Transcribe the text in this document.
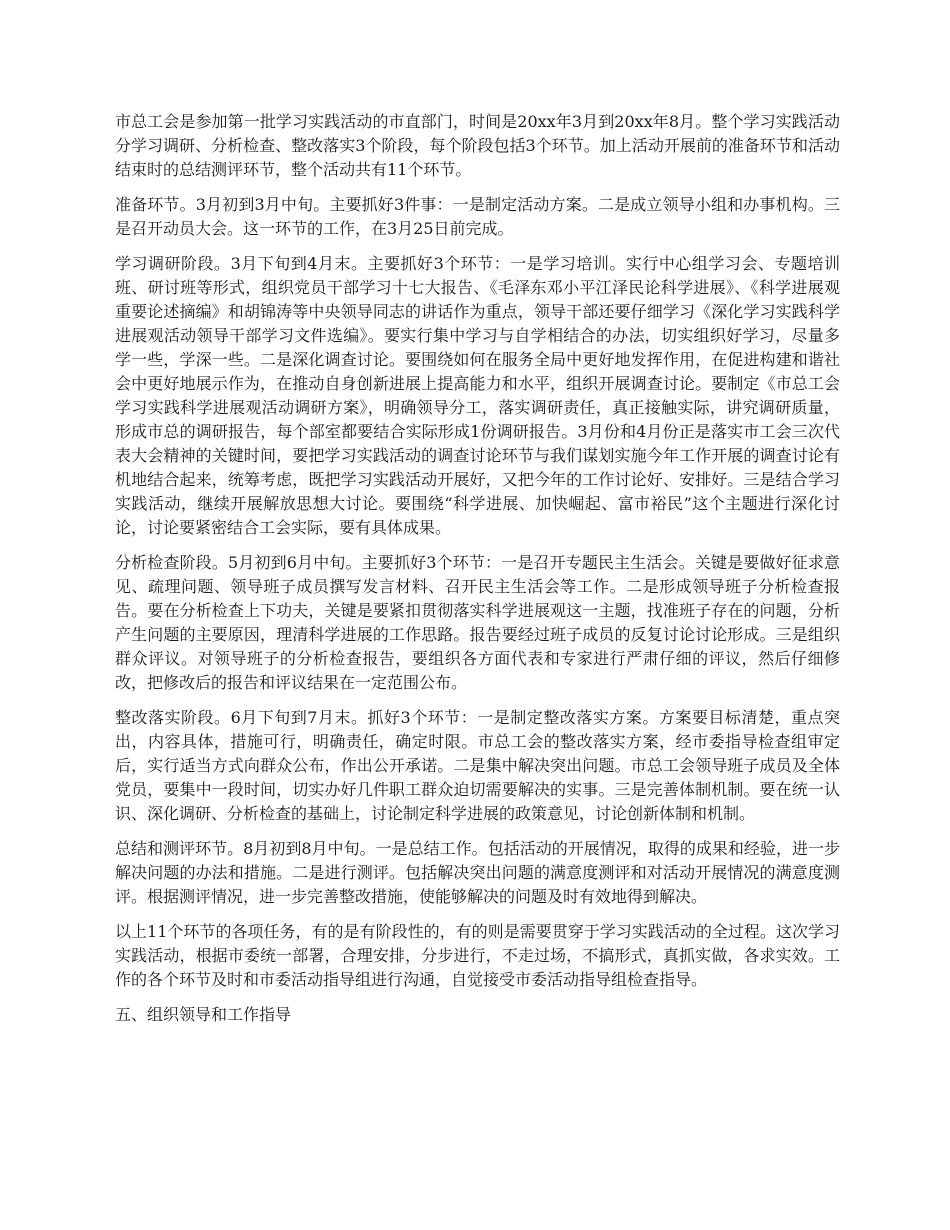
市总工会是参加第一批学习实践活动的市直部门，时间是20xx年3月到20xx年8月。整个学习实践活动分学习调研、分析检查、整改落实3个阶段，每个阶段包括3个环节。加上活动开展前的准备环节和活动结束时的总结测评环节，整个活动共有11个环节。

准备环节。3月初到3月中旬。主要抓好3件事：一是制定活动方案。二是成立领导小组和办事机构。三是召开动员大会。这一环节的工作，在3月25日前完成。

学习调研阶段。3月下旬到4月末。主要抓好3个环节：一是学习培训。实行中心组学习会、专题培训班、研讨班等形式，组织党员干部学习十七大报告、《毛泽东邓小平江泽民论科学进展》、《科学进展观重要论述摘编》和胡锦涛等中央领导同志的讲话作为重点，领导干部还要仔细学习《深化学习实践科学进展观活动领导干部学习文件选编》。要实行集中学习与自学相结合的办法，切实组织好学习，尽量多学一些，学深一些。二是深化调查讨论。要围绕如何在服务全局中更好地发挥作用，在促进构建和谐社会中更好地展示作为，在推动自身创新进展上提高能力和水平，组织开展调查讨论。要制定《市总工会学习实践科学进展观活动调研方案》，明确领导分工，落实调研责任，真正接触实际，讲究调研质量，形成市总的调研报告，每个部室都要结合实际形成1份调研报告。3月份和4月份正是落实市工会三次代表大会精神的关键时间，要把学习实践活动的调查讨论环节与我们谋划实施今年工作开展的调查讨论有机地结合起来，统筹考虑，既把学习实践活动开展好，又把今年的工作讨论好、安排好。三是结合学习实践活动，继续开展解放思想大讨论。要围绕“科学进展、加快崛起、富市裕民”这个主题进行深化讨论，讨论要紧密结合工会实际，要有具体成果。

分析检查阶段。5月初到6月中旬。主要抓好3个环节：一是召开专题民主生活会。关键是要做好征求意见、疏理问题、领导班子成员撰写发言材料、召开民主生活会等工作。二是形成领导班子分析检查报告。要在分析检查上下功夫，关键是要紧扣贯彻落实科学进展观这一主题，找准班子存在的问题，分析产生问题的主要原因，理清科学进展的工作思路。报告要经过班子成员的反复讨论讨论形成。三是组织群众评议。对领导班子的分析检查报告，要组织各方面代表和专家进行严肃仔细的评议，然后仔细修改，把修改后的报告和评议结果在一定范围公布。

整改落实阶段。6月下旬到7月末。抓好3个环节：一是制定整改落实方案。方案要目标清楚，重点突出，内容具体，措施可行，明确责任，确定时限。市总工会的整改落实方案，经市委指导检查组审定后，实行适当方式向群众公布，作出公开承诺。二是集中解决突出问题。市总工会领导班子成员及全体党员，要集中一段时间，切实办好几件职工群众迫切需要解决的实事。三是完善体制机制。要在统一认识、深化调研、分析检查的基础上，讨论制定科学进展的政策意见，讨论创新体制和机制。

总结和测评环节。8月初到8月中旬。一是总结工作。包括活动的开展情况，取得的成果和经验，进一步解决问题的办法和措施。二是进行测评。包括解决突出问题的满意度测评和对活动开展情况的满意度测评。根据测评情况，进一步完善整改措施，使能够解决的问题及时有效地得到解决。

以上11个环节的各项任务，有的是有阶段性的，有的则是需要贯穿于学习实践活动的全过程。这次学习实践活动，根据市委统一部署，合理安排，分步进行，不走过场，不搞形式，真抓实做，各求实效。工作的各个环节及时和市委活动指导组进行沟通，自觉接受市委活动指导组检查指导。

五、组织领导和工作指导
